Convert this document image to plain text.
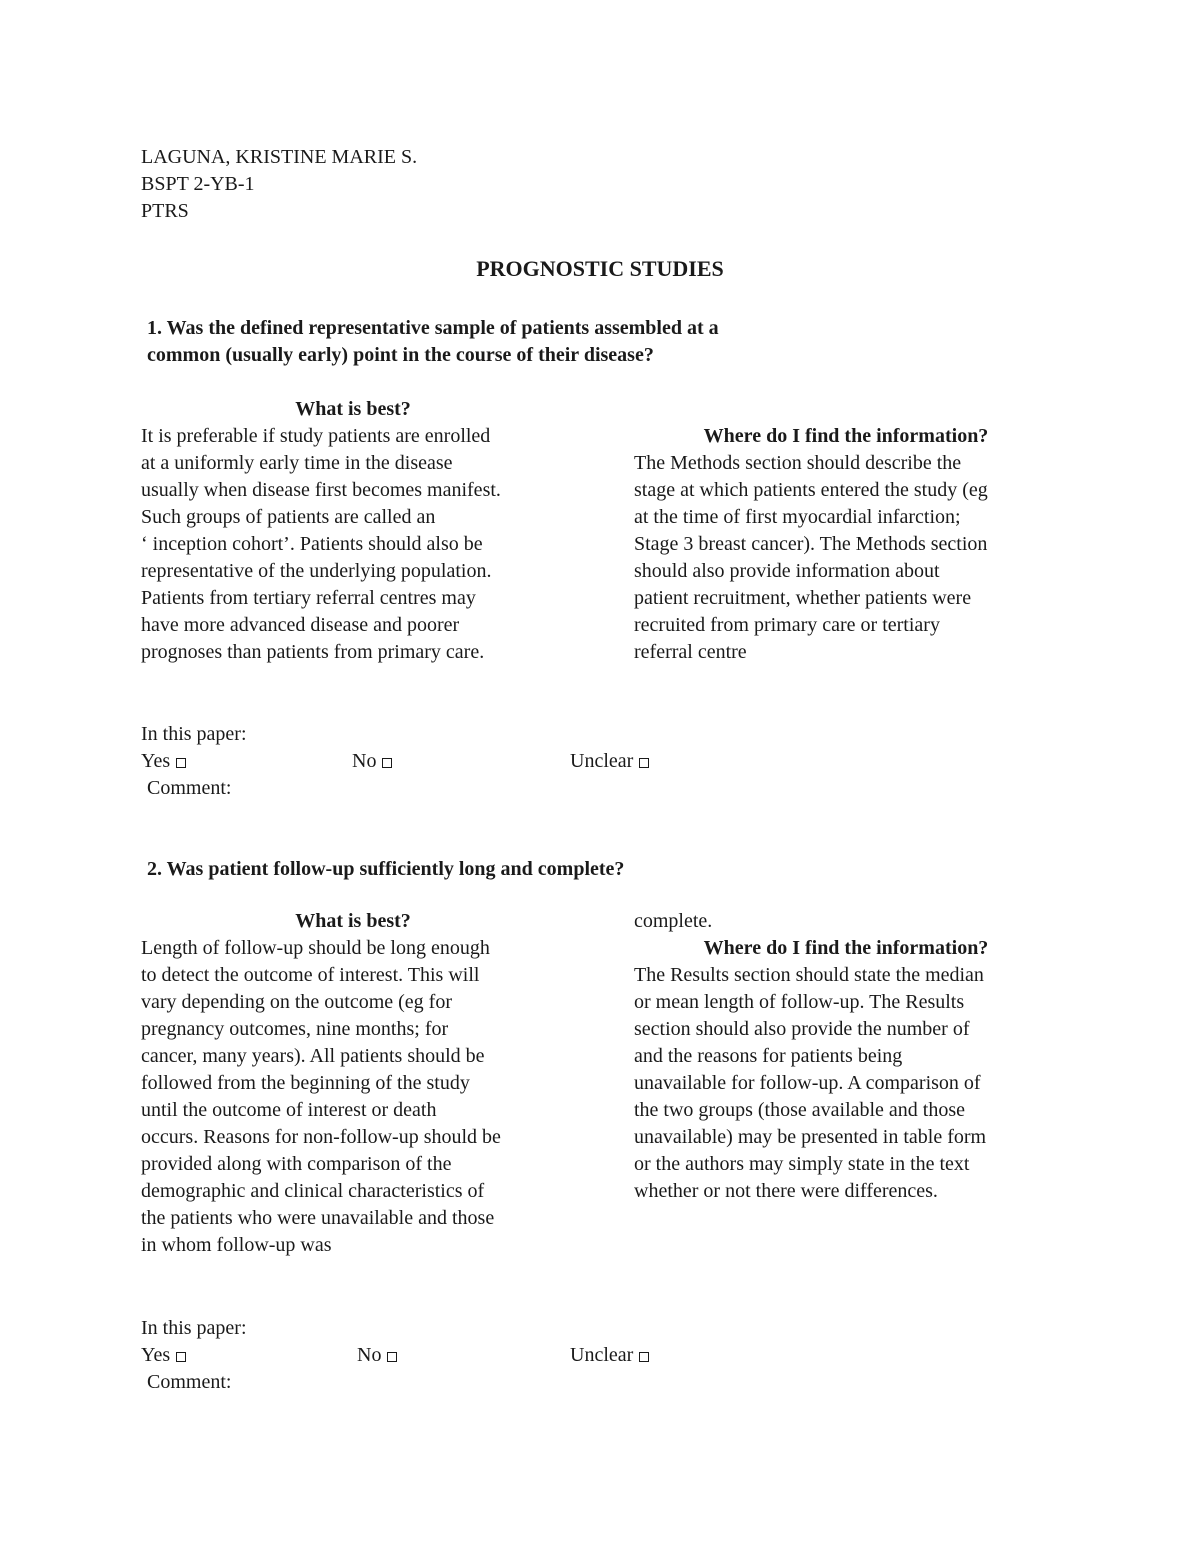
LAGUNA, KRISTINE MARIE S.
BSPT 2-YB-1
PTRS
PROGNOSTIC STUDIES
1. Was the defined representative sample of patients assembled at a
common (usually early) point in the course of their disease?
What is best?
It is preferable if study patients are enrolled
at a uniformly early time in the disease
usually when disease first becomes manifest.
Such groups of patients are called an
‘ inception cohort’. Patients should also be
representative of the underlying population.
Patients from tertiary referral centres may
have more advanced disease and poorer
prognoses than patients from primary care.
Where do I find the information?
The Methods section should describe the
stage at which patients entered the study (eg
at the time of first myocardial infarction;
Stage 3 breast cancer). The Methods section
should also provide information about
patient recruitment, whether patients were
recruited from primary care or tertiary
referral centre
In this paper:
Yes	No	Unclear
Comment:
2. Was patient follow-up sufficiently long and complete?
What is best?
Length of follow-up should be long enough
to detect the outcome of interest. This will
vary depending on the outcome (eg for
pregnancy outcomes, nine months; for
cancer, many years). All patients should be
followed from the beginning of the study
until the outcome of interest or death
occurs. Reasons for non-follow-up should be
provided along with comparison of the
demographic and clinical characteristics of
the patients who were unavailable and those
in whom follow-up was
complete.
Where do I find the information?
The Results section should state the median
or mean length of follow-up. The Results
section should also provide the number of
and the reasons for patients being
unavailable for follow-up. A comparison of
the two groups (those available and those
unavailable) may be presented in table form
or the authors may simply state in the text
whether or not there were differences.
In this paper:
Yes	No	Unclear
Comment:
